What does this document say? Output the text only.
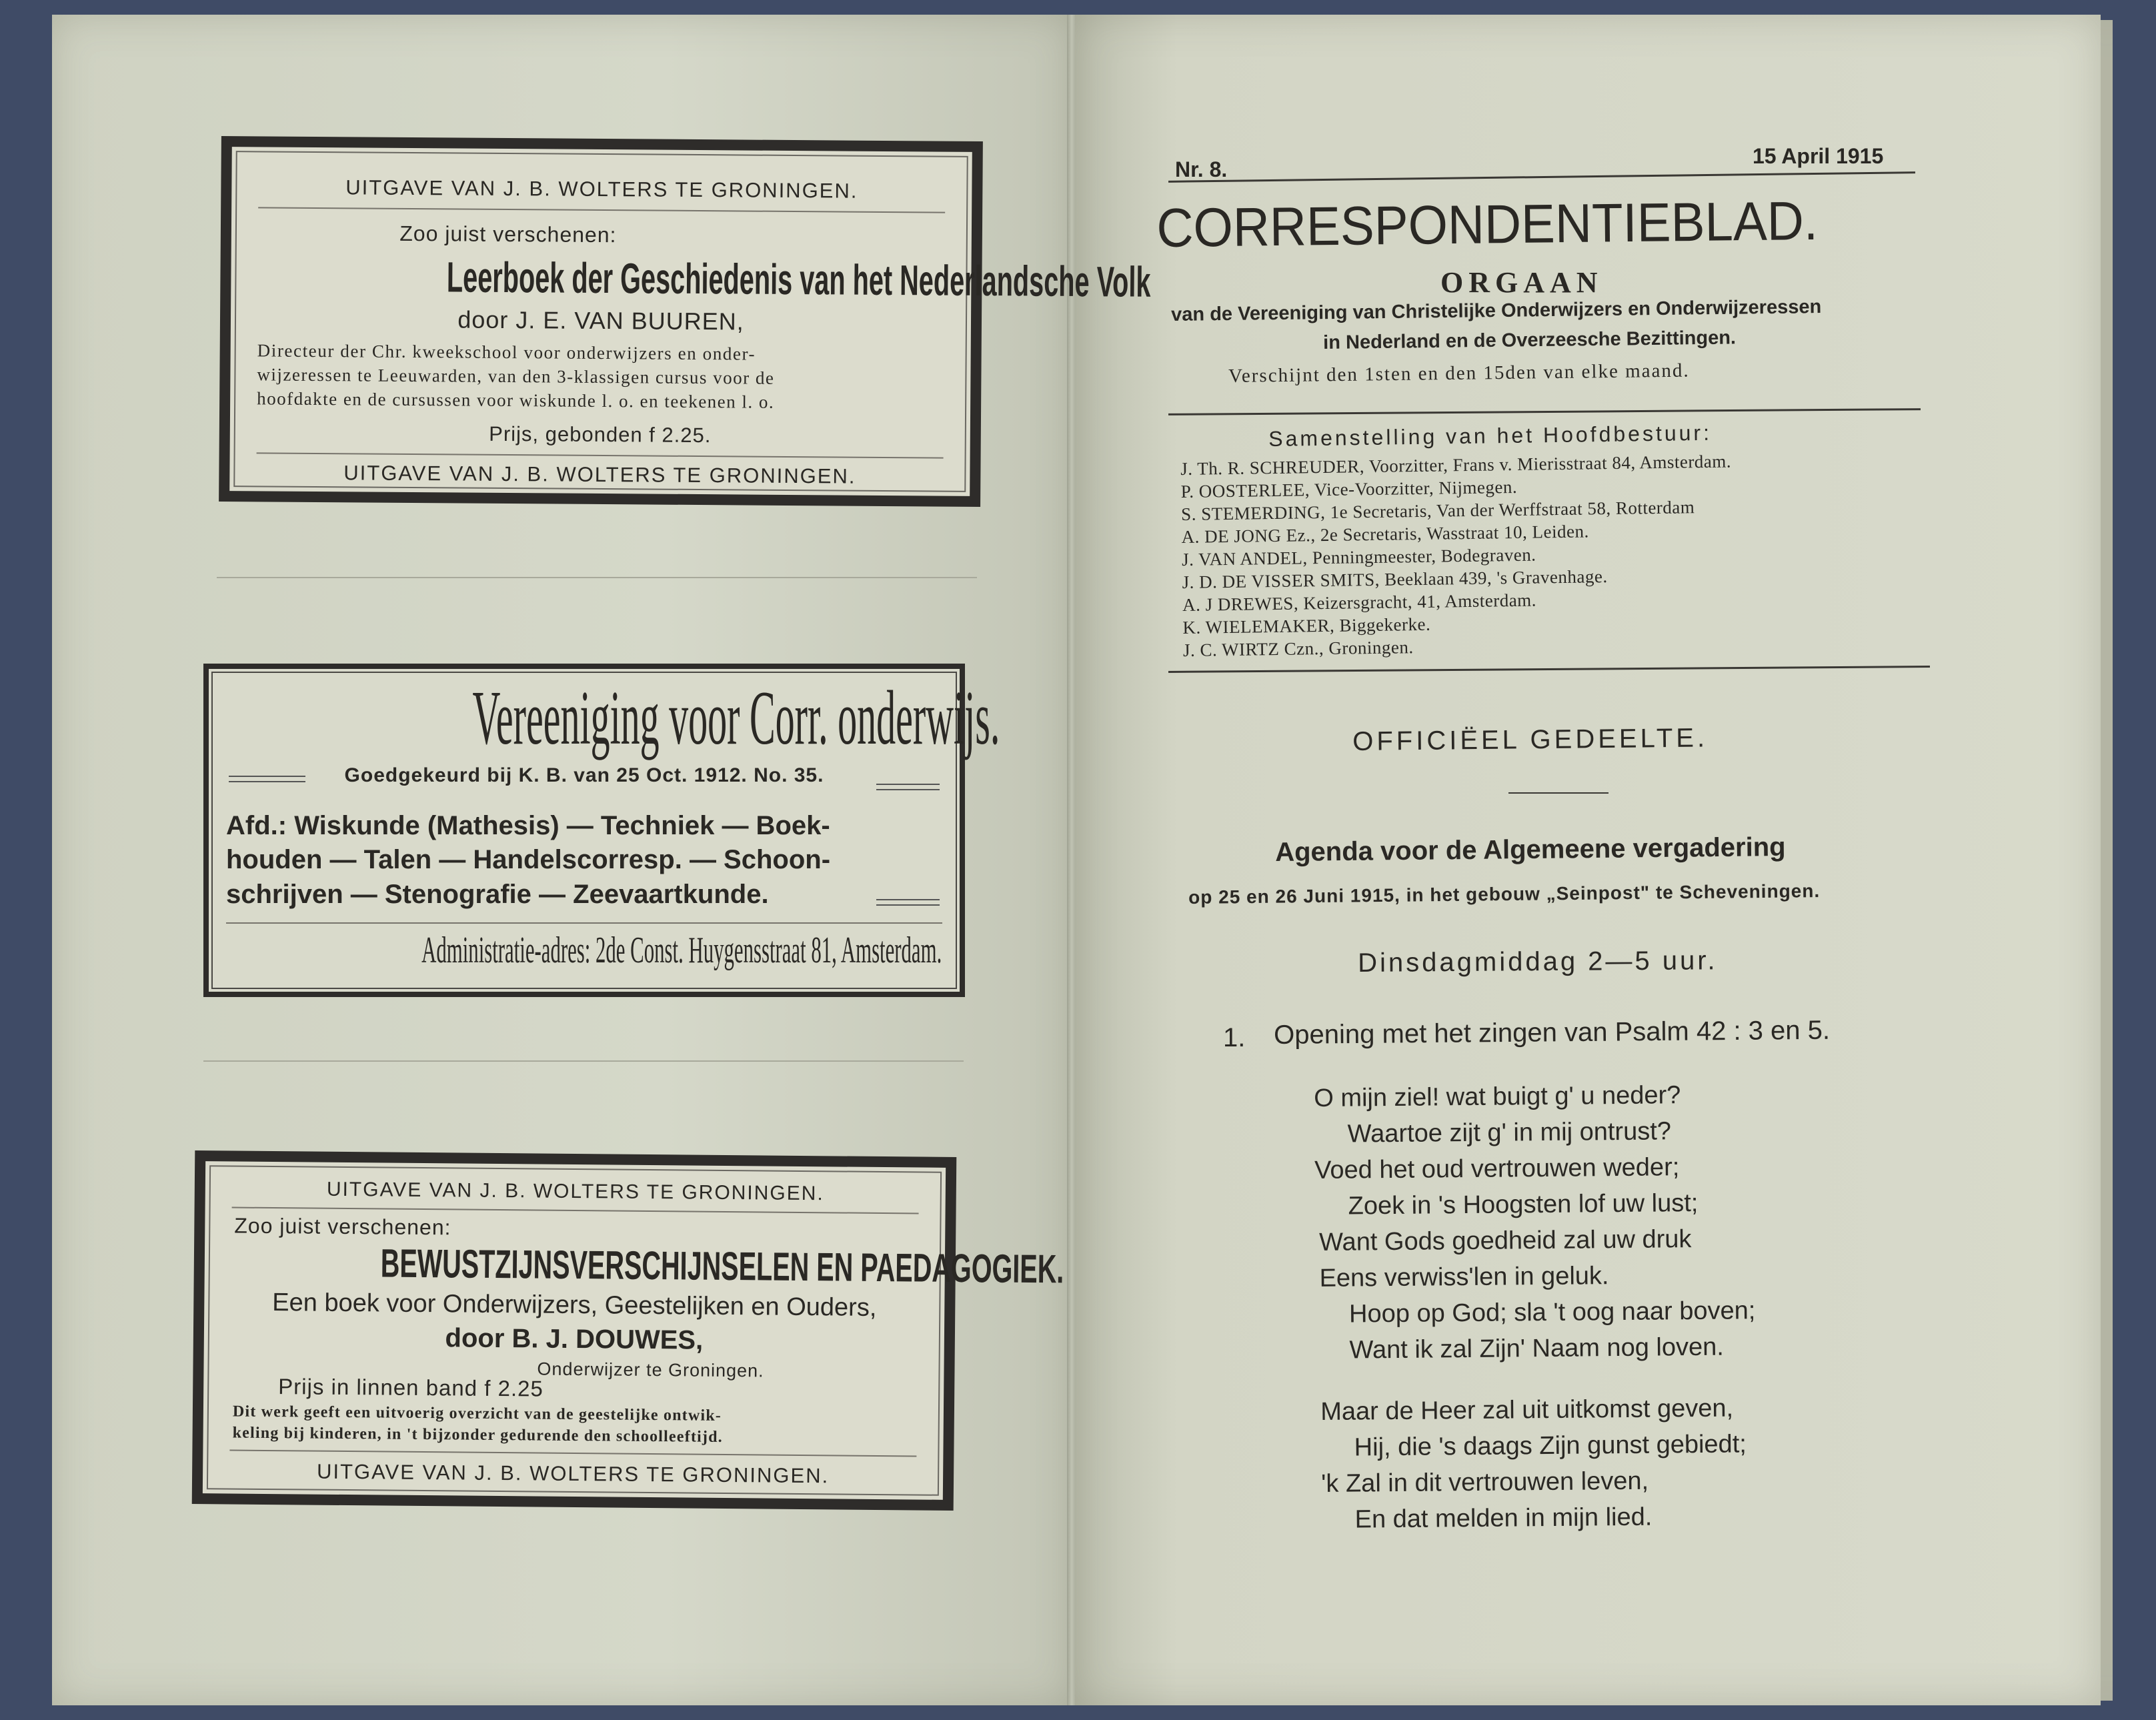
UITGAVE VAN J. B. WOLTERS TE GRONINGEN.
Zoo juist verschenen:
Leerboek der Geschiedenis van het Nederlandsche Volk
door J. E. VAN BUUREN,
Directeur der Chr. kweekschool voor onderwijzers en onder-
wijzeressen te Leeuwarden, van den 3-klassigen cursus voor de
hoofdakte en de cursussen voor wiskunde l. o. en teekenen l. o.
Prijs, gebonden f 2.25.
UITGAVE VAN J. B. WOLTERS TE GRONINGEN.
Vereeniging voor Corr. onderwijs.
Goedgekeurd bij K. B. van 25 Oct. 1912. No. 35.
Afd.: Wiskunde (Mathesis) — Techniek — Boek-
houden — Talen — Handelscorresp. — Schoon-
schrijven — Stenografie — Zeevaartkunde.
Administratie-adres: 2de Const. Huygensstraat 81, Amsterdam.
UITGAVE VAN J. B. WOLTERS TE GRONINGEN.
Zoo juist verschenen:
BEWUSTZIJNSVERSCHIJNSELEN EN PAEDAGOGIEK.
Een boek voor Onderwijzers, Geestelijken en Ouders,
door B. J. DOUWES,
Onderwijzer te Groningen.
Prijs in linnen band f 2.25
Dit werk geeft een uitvoerig overzicht van de geestelijke ontwik-
keling bij kinderen, in 't bijzonder gedurende den schoolleeftijd.
UITGAVE VAN J. B. WOLTERS TE GRONINGEN.
Nr. 8.
15 April 1915
CORRESPONDENTIEBLAD.
ORGAAN
van de Vereeniging van Christelijke Onderwijzers en Onderwijzeressen
in Nederland en de Overzeesche Bezittingen.
Verschijnt den 1sten en den 15den van elke maand.
Samenstelling van het Hoofdbestuur:
J. Th. R. SCHREUDER, Voorzitter, Frans v. Mierisstraat 84, Amsterdam.
P. OOSTERLEE, Vice-Voorzitter, Nijmegen.
S. STEMERDING, 1e Secretaris, Van der Werffstraat 58, Rotterdam
A. DE JONG Ez., 2e Secretaris, Wasstraat 10, Leiden.
J. VAN ANDEL, Penningmeester, Bodegraven.
J. D. DE VISSER SMITS, Beeklaan 439, 's Gravenhage.
A. J DREWES, Keizersgracht, 41, Amsterdam.
K. WIELEMAKER, Biggekerke.
J. C. WIRTZ Czn., Groningen.
OFFICIËEL GEDEELTE.
Agenda voor de Algemeene vergadering
op 25 en 26 Juni 1915, in het gebouw „Seinpost" te Scheveningen.
Dinsdagmiddag 2—5 uur.
1. Opening met het zingen van Psalm 42 : 3 en 5.
O mijn ziel! wat buigt g' u neder?
Waartoe zijt g' in mij ontrust?
Voed het oud vertrouwen weder;
Zoek in 's Hoogsten lof uw lust;
Want Gods goedheid zal uw druk
Eens verwiss'len in geluk.
Hoop op God; sla 't oog naar boven;
Want ik zal Zijn' Naam nog loven.
Maar de Heer zal uit uitkomst geven,
Hij, die 's daags Zijn gunst gebiedt;
'k Zal in dit vertrouwen leven,
En dat melden in mijn lied.
